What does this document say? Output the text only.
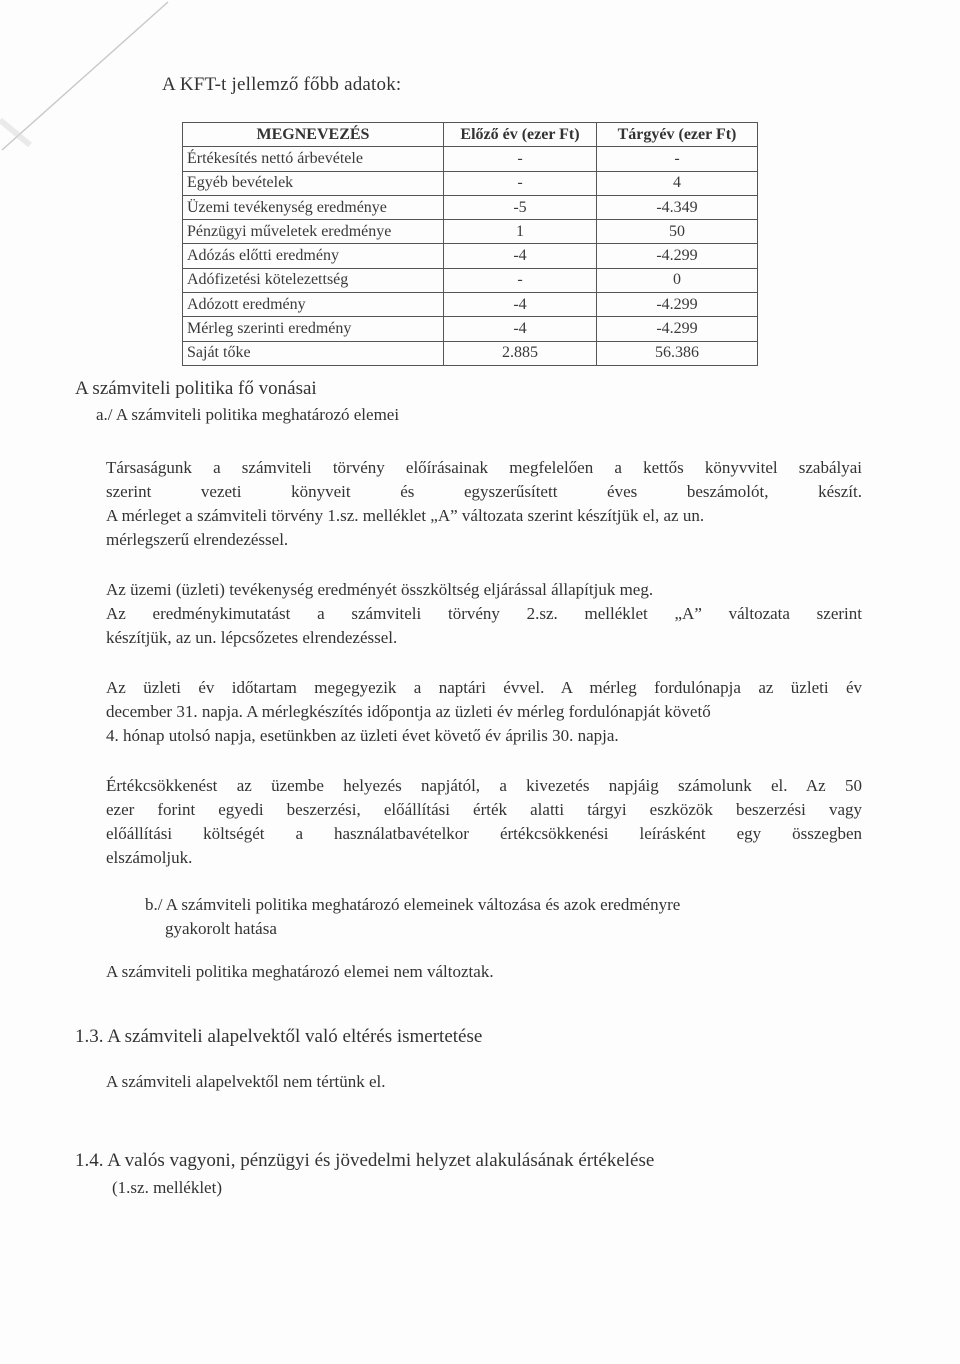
A KFT-t jellemző főbb adatok:
MEGNEVEZÉS	Előző év (ezer Ft)	Tárgyév (ezer Ft)
Értékesítés nettó árbevétele	-	-
Egyéb bevételek	-	4
Üzemi tevékenység eredménye	-5	-4.349
Pénzügyi műveletek eredménye	1	50
Adózás előtti eredmény	-4	-4.299
Adófizetési kötelezettség	-	0
Adózott eredmény	-4	-4.299
Mérleg szerinti eredmény	-4	-4.299
Saját tőke	2.885	56.386
A számviteli politika fő vonásai
a./ A számviteli politika meghatározó elemei
Társaságunk a számviteli törvény előírásainak megfelelően a kettős könyvvitel szabályai
szerint vezeti könyveit és egyszerűsített éves beszámolót, készít.
A mérleget a számviteli törvény 1.sz. melléklet „A” változata szerint készítjük el, az un.
mérlegszerű elrendezéssel.
Az üzemi (üzleti) tevékenység eredményét összköltség eljárással állapítjuk meg.
Az eredménykimutatást a számviteli törvény 2.sz. melléklet „A” változata szerint
készítjük, az un. lépcsőzetes elrendezéssel.
Az üzleti év időtartam megegyezik a naptári évvel. A mérleg fordulónapja az üzleti év
december 31. napja. A mérlegkészítés időpontja az üzleti év mérleg fordulónapját követő
4. hónap utolsó napja, esetünkben az üzleti évet követő év április 30. napja.
Értékcsökkenést az üzembe helyezés napjától, a kivezetés napjáig számolunk el. Az 50
ezer forint egyedi beszerzési, előállítási érték alatti tárgyi eszközök beszerzési vagy
előállítási költségét a használatbavételkor értékcsökkenési leírásként egy összegben
elszámoljuk.
b./ A számviteli politika meghatározó elemeinek változása és azok eredményre
gyakorolt hatása
A számviteli politika meghatározó elemei nem változtak.
1.3. A számviteli alapelvektől való eltérés ismertetése
A számviteli alapelvektől nem tértünk el.
1.4. A valós vagyoni, pénzügyi és jövedelmi helyzet alakulásának értékelése
(1.sz. melléklet)
